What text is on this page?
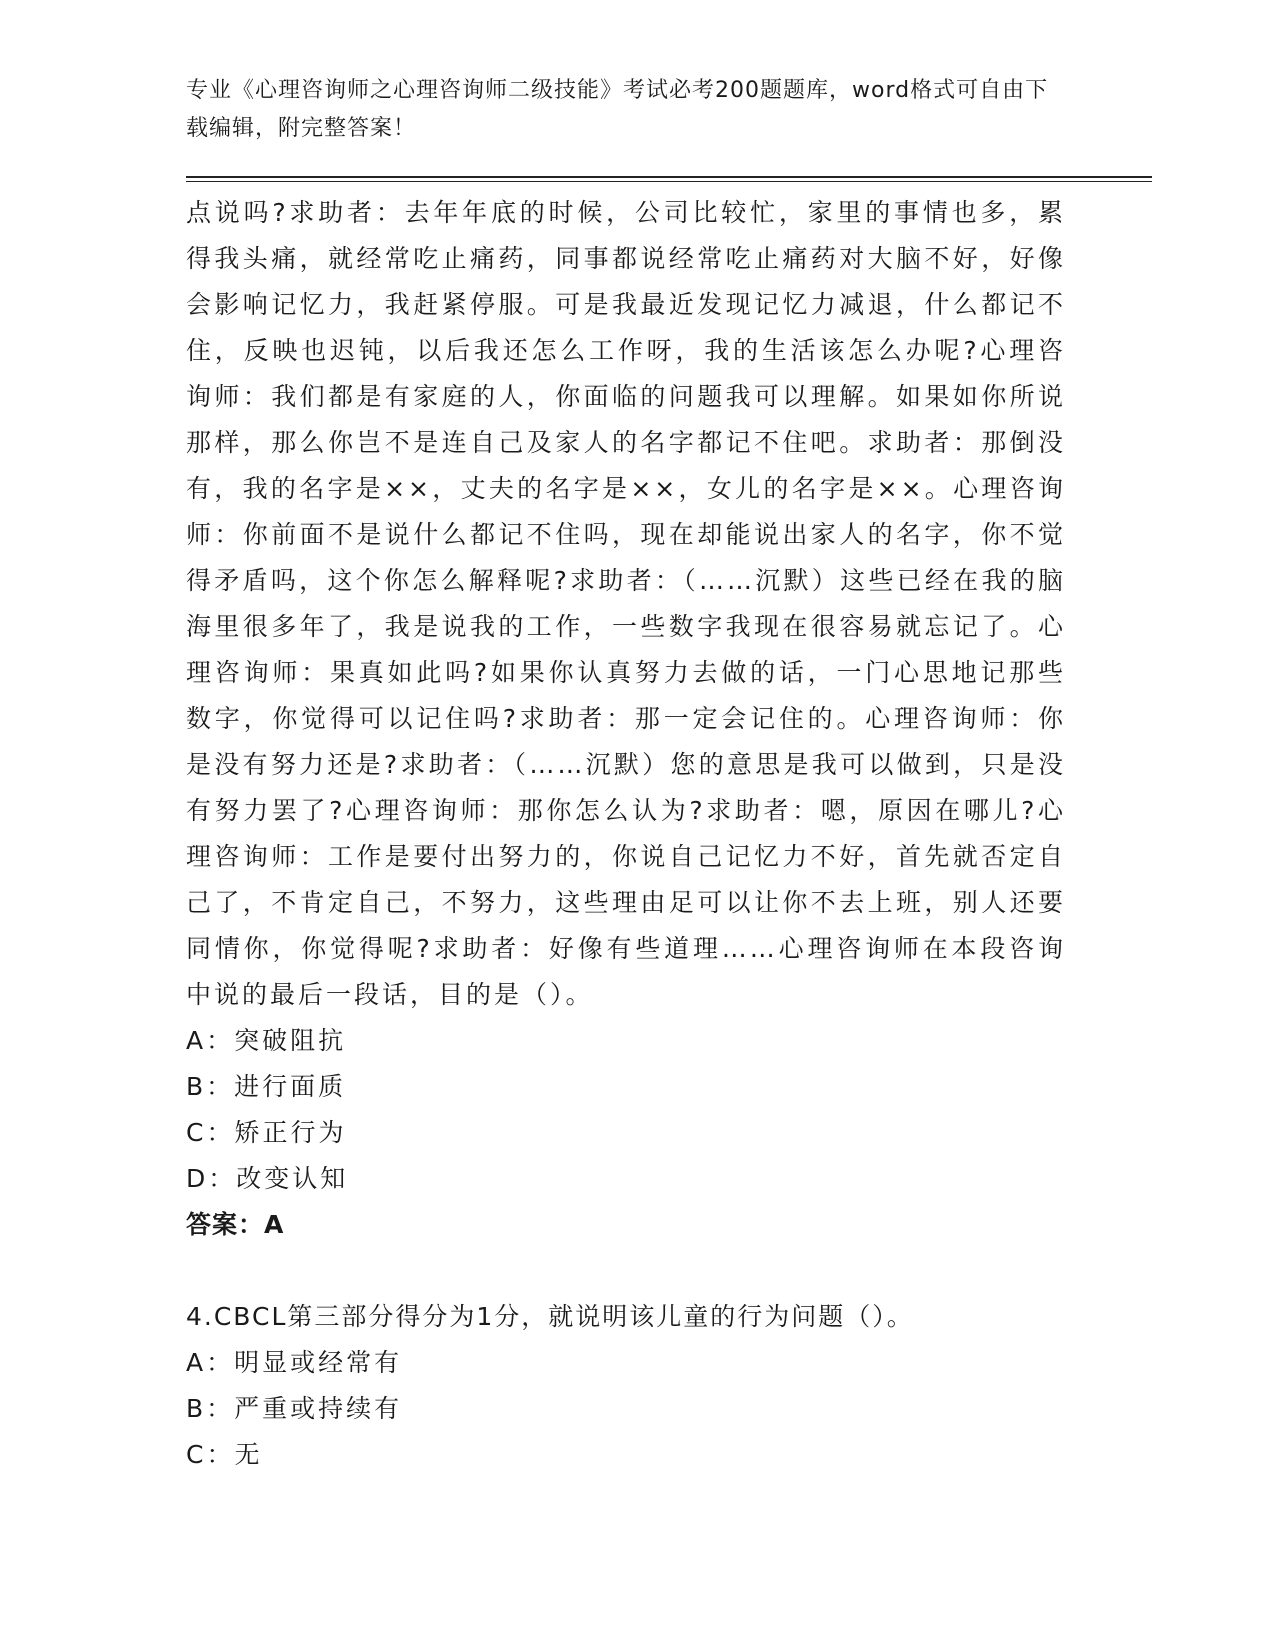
专业《心理咨询师之心理咨询师二级技能》考试必考200题题库，word格式可自由下载编辑，附完整答案！

点说吗?求助者：去年年底的时候，公司比较忙，家里的事情也多，累得我头痛，就经常吃止痛药，同事都说经常吃止痛药对大脑不好，好像会影响记忆力，我赶紧停服。可是我最近发现记忆力减退，什么都记不住，反映也迟钝，以后我还怎么工作呀，我的生活该怎么办呢?心理咨询师：我们都是有家庭的人，你面临的问题我可以理解。如果如你所说那样，那么你岂不是连自己及家人的名字都记不住吧。求助者：那倒没有，我的名字是××，丈夫的名字是××，女儿的名字是××。心理咨询师：你前面不是说什么都记不住吗，现在却能说出家人的名字，你不觉得矛盾吗，这个你怎么解释呢?求助者：（……沉默）这些已经在我的脑海里很多年了，我是说我的工作，一些数字我现在很容易就忘记了。心理咨询师：果真如此吗?如果你认真努力去做的话，一门心思地记那些数字，你觉得可以记住吗?求助者：那一定会记住的。心理咨询师：你是没有努力还是?求助者：（……沉默）您的意思是我可以做到，只是没有努力罢了?心理咨询师：那你怎么认为?求助者：嗯，原因在哪儿?心理咨询师：工作是要付出努力的，你说自己记忆力不好，首先就否定自己了，不肯定自己，不努力，这些理由足可以让你不去上班，别人还要同情你，你觉得呢?求助者：好像有些道理……心理咨询师在本段咨询中说的最后一段话，目的是（）。

A：突破阻抗
B：进行面质
C：矫正行为
D：改变认知
答案：A
4.CBCL第三部分得分为1分，就说明该儿童的行为问题（）。
A：明显或经常有
B：严重或持续有
C：无
